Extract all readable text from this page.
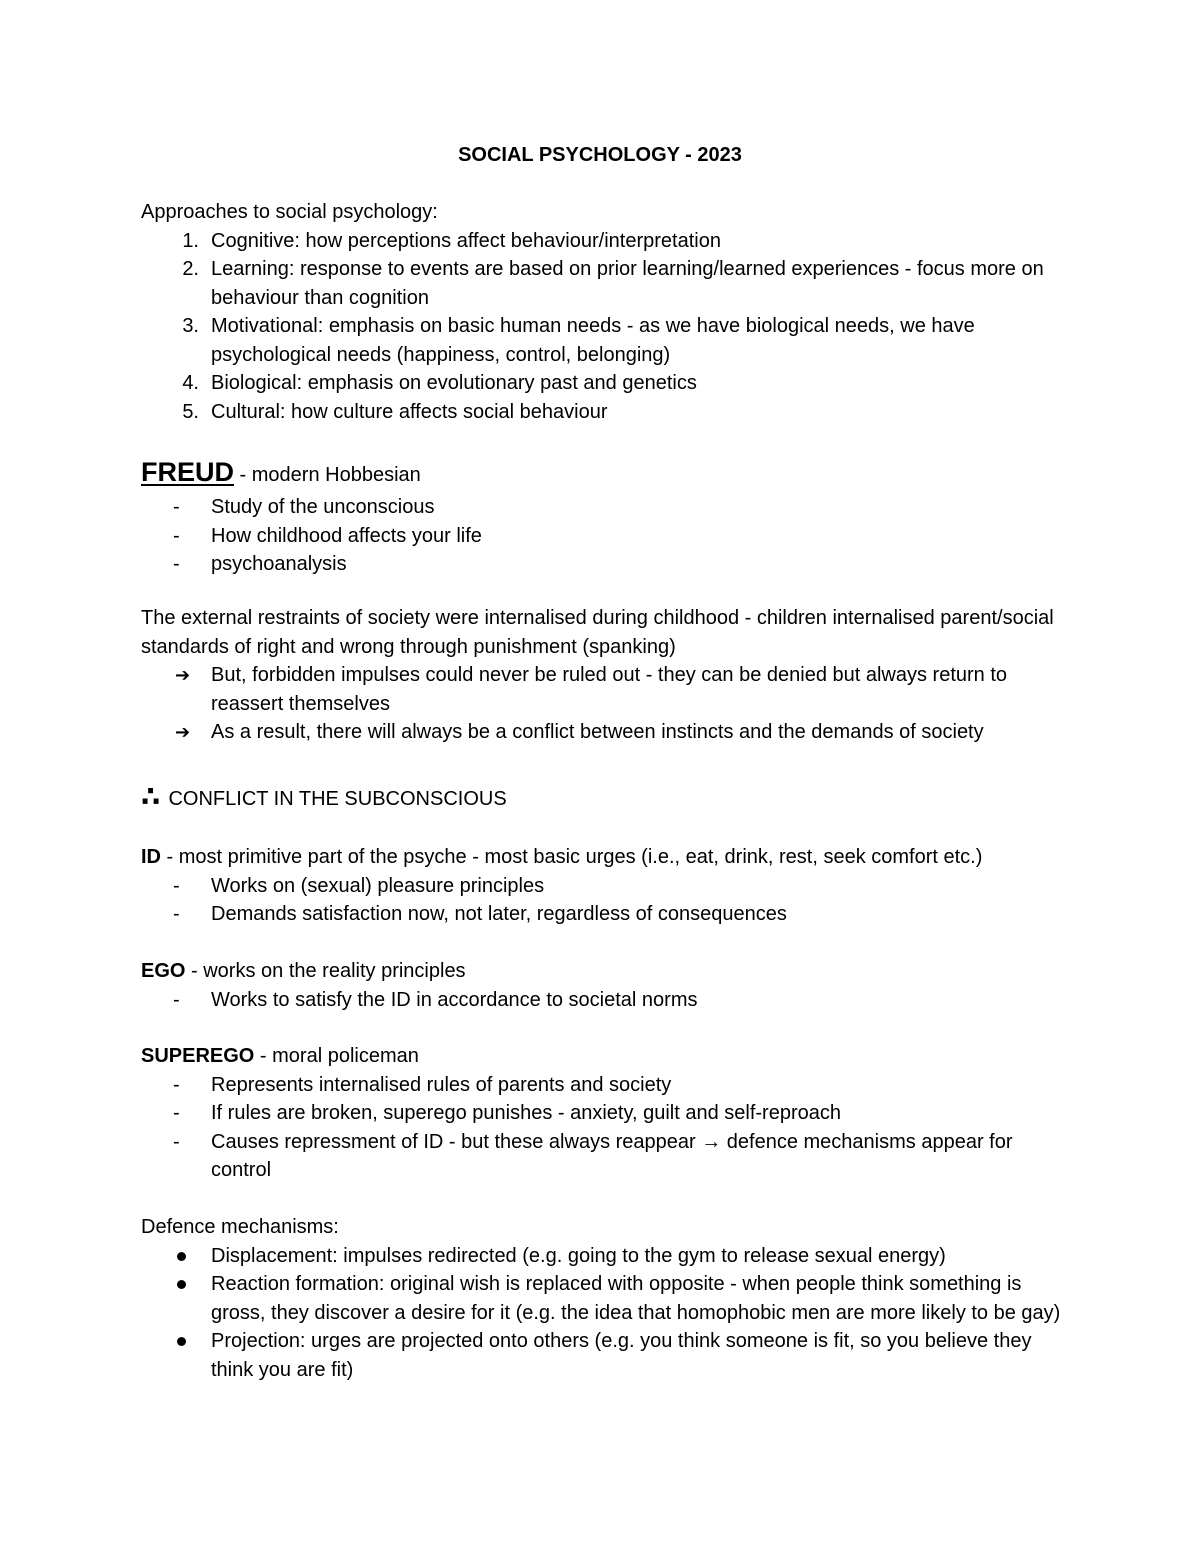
SOCIAL PSYCHOLOGY - 2023

Approaches to social psychology:

1. Cognitive: how perceptions affect behaviour/interpretation
2. Learning: response to events are based on prior learning/learned experiences - focus more on behaviour than cognition
3. Motivational: emphasis on basic human needs - as we have biological needs, we have psychological needs (happiness, control, belonging)
4. Biological: emphasis on evolutionary past and genetics
5. Cultural: how culture affects social behaviour

FREUD - modern Hobbesian

- Study of the unconscious
- How childhood affects your life
- psychoanalysis

The external restraints of society were internalised during childhood - children internalised parent/social standards of right and wrong through punishment (spanking)

➔ But, forbidden impulses could never be ruled out - they can be denied but always return to reassert themselves
➔ As a result, there will always be a conflict between instincts and the demands of society

∴ CONFLICT IN THE SUBCONSCIOUS

ID - most primitive part of the psyche - most basic urges (i.e., eat, drink, rest, seek comfort etc.)

- Works on (sexual) pleasure principles
- Demands satisfaction now, not later, regardless of consequences

EGO - works on the reality principles

- Works to satisfy the ID in accordance to societal norms

SUPEREGO - moral policeman

- Represents internalised rules of parents and society
- If rules are broken, superego punishes - anxiety, guilt and self-reproach
- Causes repressment of ID - but these always reappear → defence mechanisms appear for control

Defence mechanisms:

Displacement: impulses redirected (e.g. going to the gym to release sexual energy)
Reaction formation: original wish is replaced with opposite - when people think something is gross, they discover a desire for it (e.g. the idea that homophobic men are more likely to be gay)
Projection: urges are projected onto others (e.g. you think someone is fit, so you believe they think you are fit)
